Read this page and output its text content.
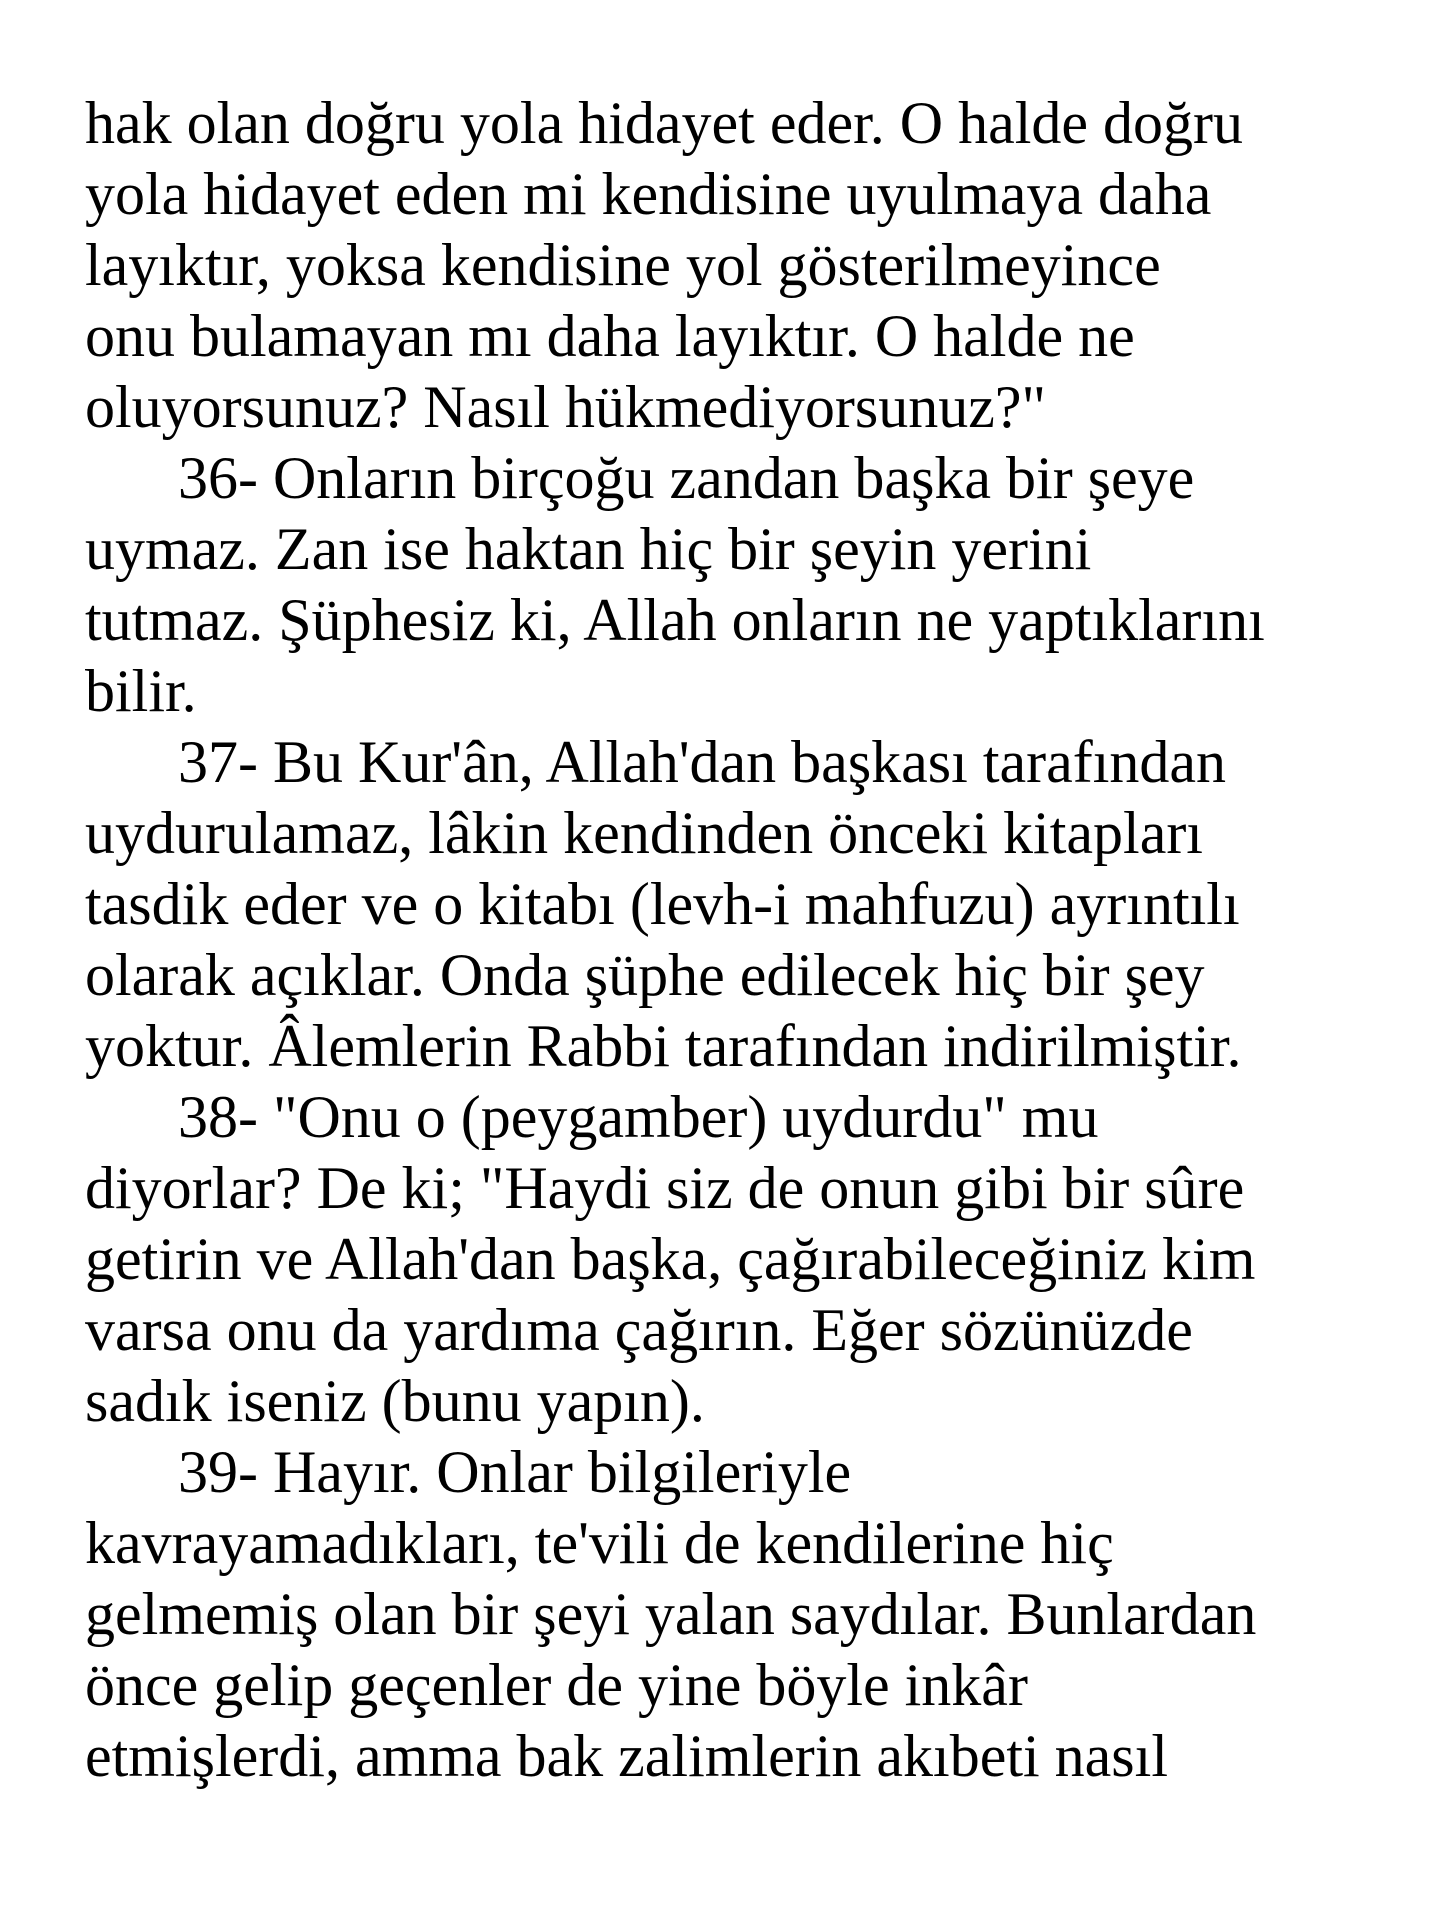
hak olan doğru yola hidayet eder. O halde doğru
yola hidayet eden mi kendisine uyulmaya daha
layıktır, yoksa kendisine yol gösterilmeyince
onu bulamayan mı daha layıktır. O halde ne
oluyorsunuz? Nasıl hükmediyorsunuz?"
36- Onların birçoğu zandan başka bir şeye
uymaz. Zan ise haktan hiç bir şeyin yerini
tutmaz. Şüphesiz ki, Allah onların ne yaptıklarını
bilir.
37- Bu Kur'ân, Allah'dan başkası tarafından
uydurulamaz, lâkin kendinden önceki kitapları
tasdik eder ve o kitabı (levh-i mahfuzu) ayrıntılı
olarak açıklar. Onda şüphe edilecek hiç bir şey
yoktur. Âlemlerin Rabbi tarafından indirilmiştir.
38- "Onu o (peygamber) uydurdu" mu
diyorlar? De ki; "Haydi siz de onun gibi bir sûre
getirin ve Allah'dan başka, çağırabileceğiniz kim
varsa onu da yardıma çağırın. Eğer sözünüzde
sadık iseniz (bunu yapın).
39- Hayır. Onlar bilgileriyle
kavrayamadıkları, te'vili de kendilerine hiç
gelmemiş olan bir şeyi yalan saydılar. Bunlardan
önce gelip geçenler de yine böyle inkâr
etmişlerdi, amma bak zalimlerin akıbeti nasıl
